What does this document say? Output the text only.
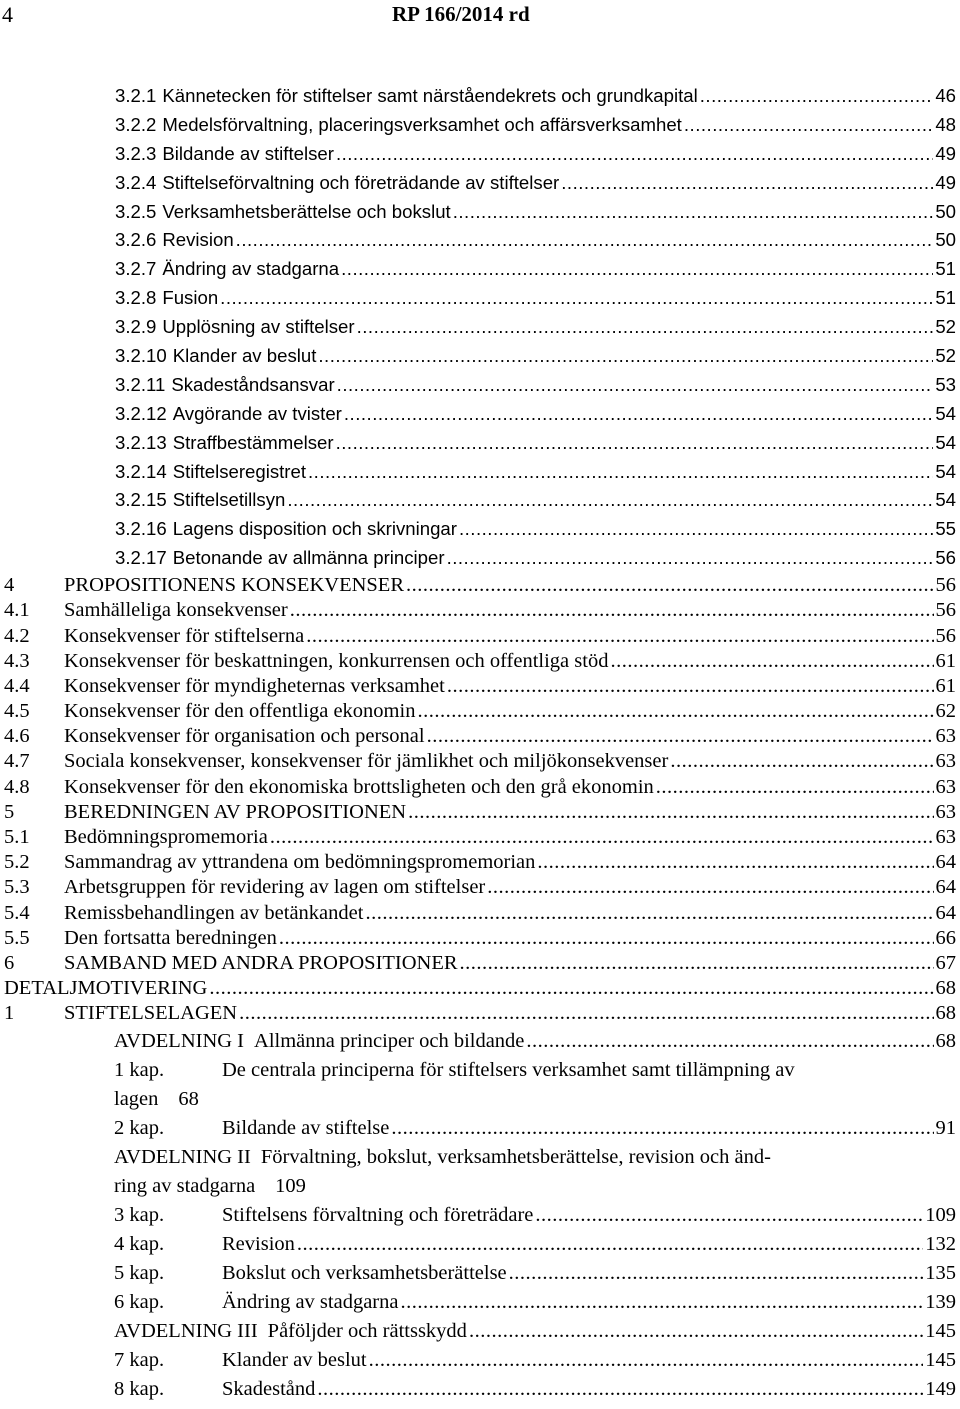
4	RP 166/2014 rd
3.2.1 Kännetecken för stiftelser samt närståendekrets och grundkapital .....	46
3.2.2 Medelsförvaltning, placeringsverksamhet och affärsverksamhet .....	48
3.2.3 Bildande av stiftelser .....	49
3.2.4 Stiftelseförvaltning och företrädande av stiftelser .....	49
3.2.5 Verksamhetsberättelse och bokslut .....	50
3.2.6 Revision .....	50
3.2.7 Ändring av stadgarna .....	51
3.2.8 Fusion .....	51
3.2.9 Upplösning av stiftelser .....	52
3.2.10 Klander av beslut .....	52
3.2.11 Skadeståndsansvar .....	53
3.2.12 Avgörande av tvister .....	54
3.2.13 Straffbestämmelser .....	54
3.2.14 Stiftelseregistret .....	54
3.2.15 Stiftelsetillsyn .....	54
3.2.16 Lagens disposition och skrivningar .....	55
3.2.17 Betonande av allmänna principer .....	56
4	PROPOSITIONENS KONSEKVENSER .....	56
4.1	Samhälleliga konsekvenser .....	56
4.2	Konsekvenser för stiftelserna .....	56
4.3	Konsekvenser för beskattningen, konkurrensen och offentliga stöd .....	61
4.4	Konsekvenser för myndigheternas verksamhet .....	61
4.5	Konsekvenser för den offentliga ekonomin .....	62
4.6	Konsekvenser för organisation och personal .....	63
4.7	Sociala konsekvenser, konsekvenser för jämlikhet och miljökonsekvenser .....	63
4.8	Konsekvenser för den ekonomiska brottsligheten och den grå ekonomin .....	63
5	BEREDNINGEN AV PROPOSITIONEN .....	63
5.1	Bedömningspromemoria .....	63
5.2	Sammandrag av yttrandena om bedömningspromemorian .....	64
5.3	Arbetsgruppen för revidering av lagen om stiftelser .....	64
5.4	Remissbehandlingen av betänkandet .....	64
5.5	Den fortsatta beredningen .....	66
6	SAMBAND MED ANDRA PROPOSITIONER .....	67
DETALJMOTIVERING .....	68
1	STIFTELSELAGEN .....	68
AVDELNING I Allmänna principer och bildande .....	68
1 kap.	De centrala principerna för stiftelsers verksamhet samt tillämpning av
lagen 68
2 kap.	Bildande av stiftelse .....	91
AVDELNING II Förvaltning, bokslut, verksamhetsberättelse, revision och änd-
ring av stadgarna 109
3 kap.	Stiftelsens förvaltning och företrädare .....	109
4 kap.	Revision .....	132
5 kap.	Bokslut och verksamhetsberättelse .....	135
6 kap.	Ändring av stadgarna .....	139
AVDELNING III Påföljder och rättsskydd .....	145
7 kap.	Klander av beslut .....	145
8 kap.	Skadestånd .....	149
